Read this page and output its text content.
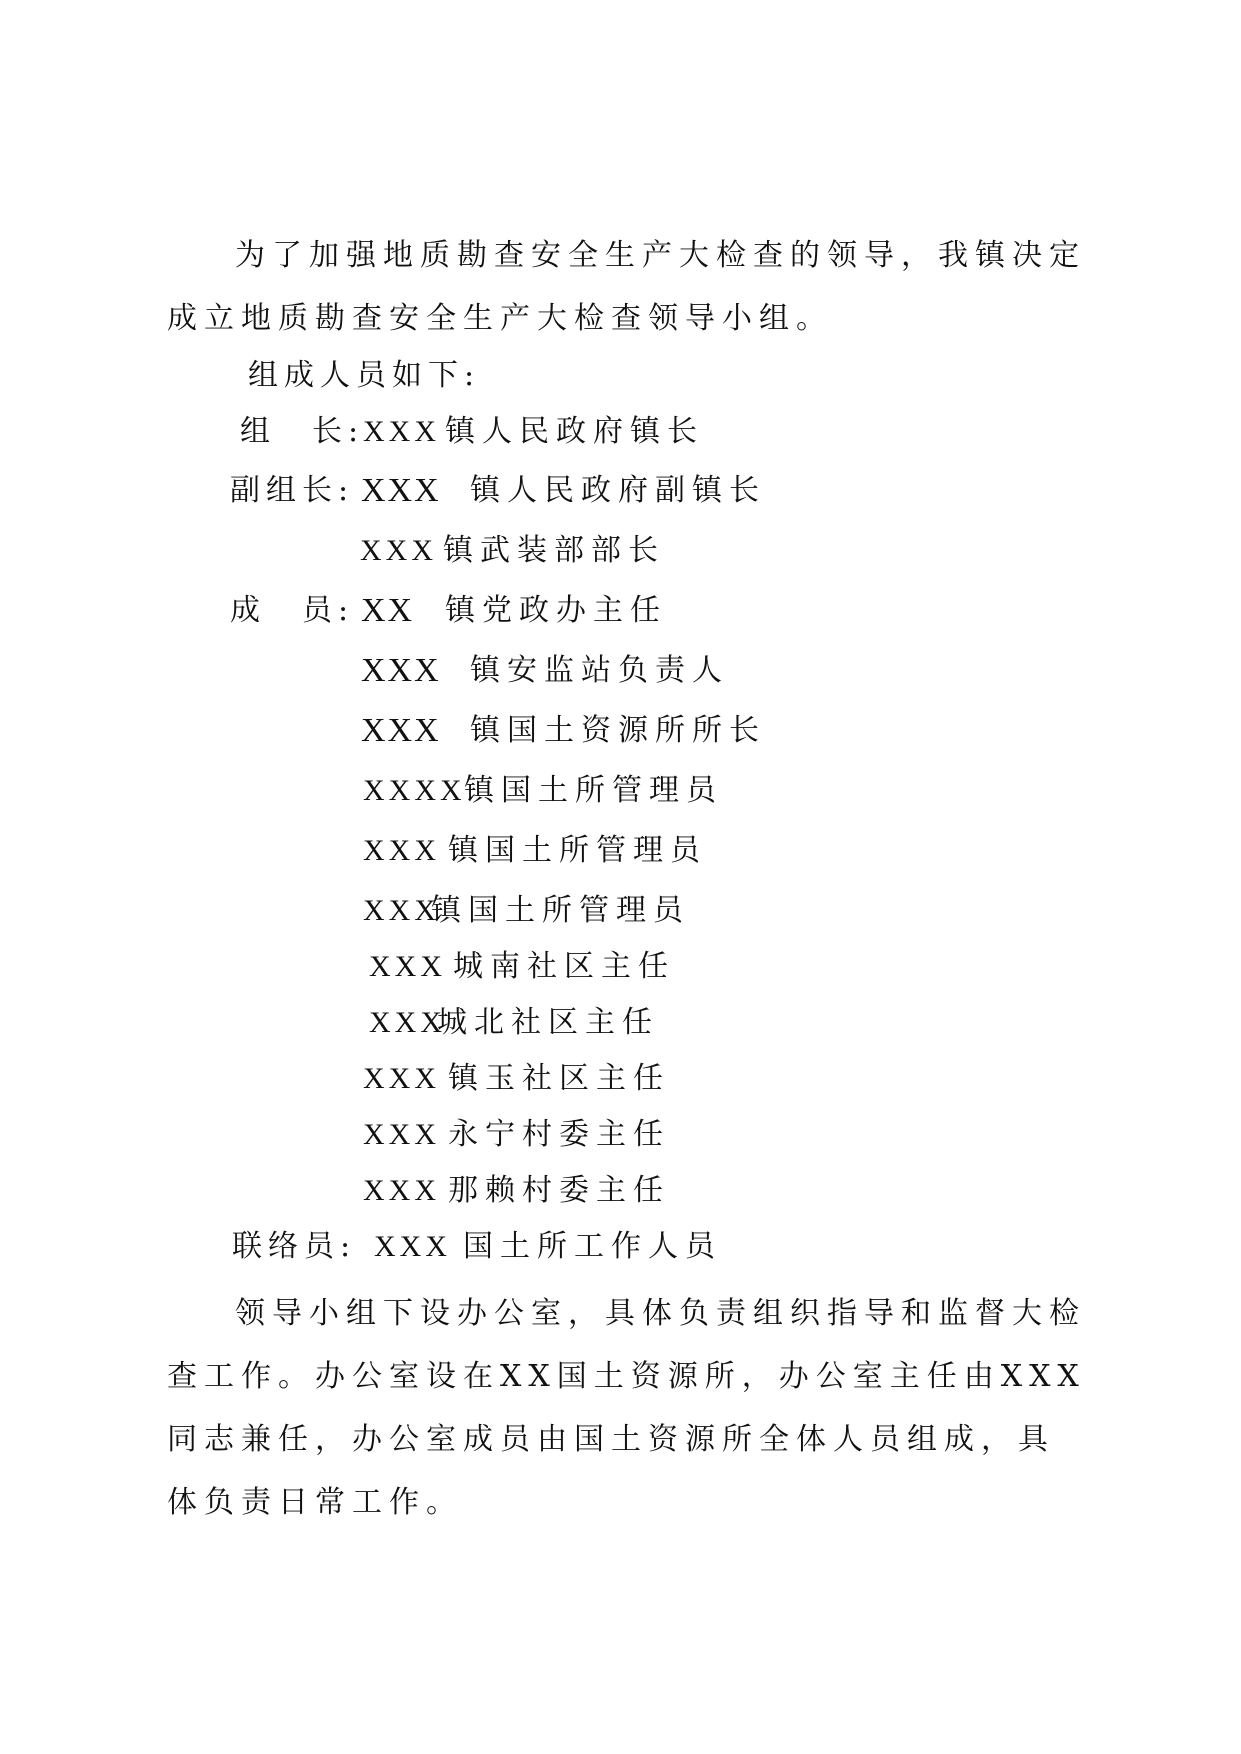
为了加强地质勘查安全生产大检查的领导，我镇决定成立地质勘查安全生产大检查领导小组。
组成人员如下:
组　长:
XXX 镇人民政府镇长
副组长: XXX 镇人民政府副镇长
XXX 镇武装部部长
成　员: XX 镇党政办主任
XXX 镇安监站负责人
XXX 镇国土资源所所长
XXXX
镇国土所管理员
XXX 镇国土所管理员
XXX
镇国土所管理员
XXX 城南社区主任
XXX
城北社区主任
XXX 镇玉社区主任
XXX 永宁村委主任
XXX 那赖村委主任
联络员: XXX 国土所工作人员
领导小组下设办公室，具体负责组织指导和监督大检查工作。办公室设在XX国土资源所，办公室主任由XXX同志兼任，办公室成员由国土资源所全体人员组成，具体负责日常工作。
